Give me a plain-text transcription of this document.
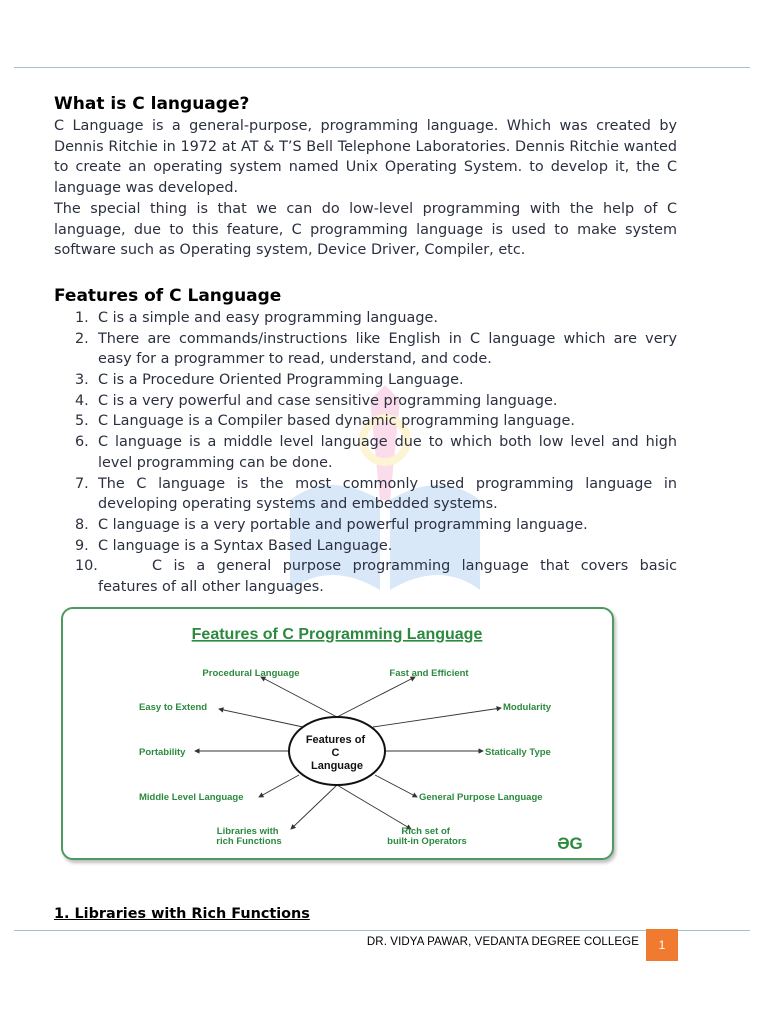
What is C language?

C Language is a general-purpose, programming language. Which was created by Dennis Ritchie in 1972 at AT & T’S Bell Telephone Laboratories. Dennis Ritchie wanted to create an operating system named Unix Operating System. to develop it, the C language was developed.

The special thing is that we can do low-level programming with the help of C language, due to this feature, C programming language is used to make system software such as Operating system, Device Driver, Compiler, etc.

Features of C Language
1. C is a simple and easy programming language.
2. There are commands/instructions like English in C language which are very easy for a programmer to read, understand, and code.
3. C is a Procedure Oriented Programming Language.
4. C is a very powerful and case sensitive programming language.
5. C Language is a Compiler based dynamic programming language.
6. C language is a middle level language due to which both low level and high level programming can be done.
7. The C language is the most commonly used programming language in developing operating systems and embedded systems.
8. C language is a very portable and powerful programming language.
9. C language is a Syntax Based Language.
10.	C is a general purpose programming language that covers basic features of all other languages.
Features of C Programming Language
Features of C Language
Procedural Language	Fast and Efficient
Easy to Extend	Modularity
Portability	Statically Type
Middle Level Language	General Purpose Language
Libraries with rich Functions
Rich set of built-in Operators	ƏG
1. Libraries with Rich Functions
DR. VIDYA PAWAR, VEDANTA DEGREE COLLEGE	1
